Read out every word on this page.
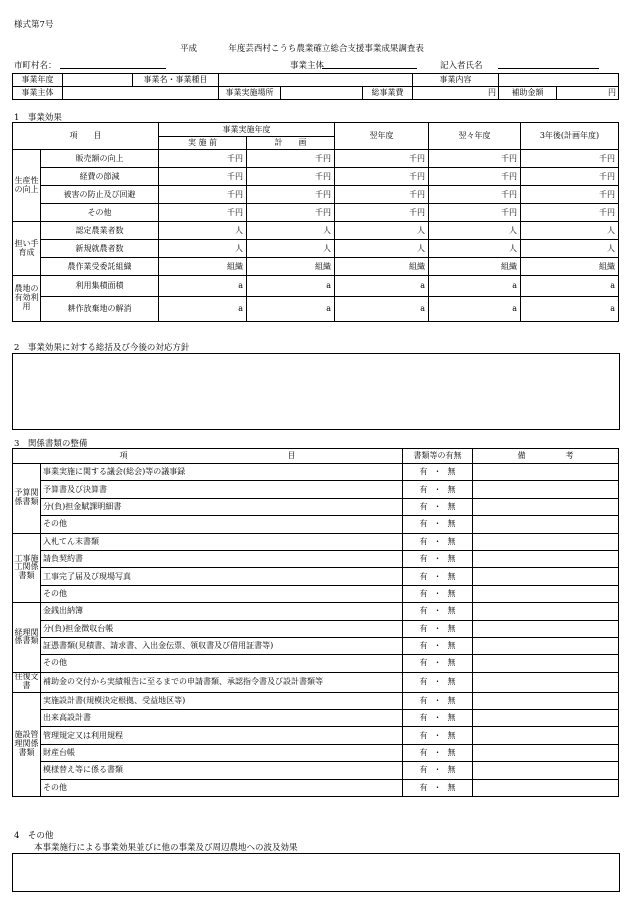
様式第7号
平成	年度芸西村こうち農業確立総合支援事業成果調査表
市町村名：	事業主体	記入者氏名
事業年度		事業名・事業種目				事業内容		
事業主体			事業実施場所		総事業費	円	補助金額	円
1　事業効果
項　　目		事業実施年度		翌年度	翌々年度	3年後(計画年度)
		実 施 前	計　　画			
生産性の向上	販売額の向上	千円	千円	千円	千円	千円
	経費の節減	千円	千円	千円	千円	千円
	被害の防止及び回避	千円	千円	千円	千円	千円
	その他	千円	千円	千円	千円	千円
担い手育成	認定農業者数	人	人	人	人	人
	新規就農者数	人	人	人	人	人
	農作業受委託組織	組織	組織	組織	組織	組織
農地の有効利用	利用集積面積	a	a	a	a	a
	耕作放棄地の解消	a	a	a	a	a
2　事業効果に対する総括及び今後の対応方針
3　関係書類の整備
項　　　　　　　　　　　　　　　　　　　　目		書類等の有無	備　　　　　考
予算関係書類	事業実施に関する議会(総会)等の議事録	有 ・ 無	
	予算書及び決算書	有 ・ 無	
	分(負)担金賦課明細書	有 ・ 無	
	その他	有 ・ 無	
工事施工関係書類	入札てん末書類	有 ・ 無	
	請負契約書	有 ・ 無	
	工事完了届及び現場写真	有 ・ 無	
	その他	有 ・ 無	
経理関係書類	金銭出納簿	有 ・ 無	
	分(負)担金徴収台帳	有 ・ 無	
	証憑書類(見積書、請求書、入出金伝票、領収書及び借用証書等)	有 ・ 無	
	その他	有 ・ 無	
往復文書	補助金の交付から実績報告に至るまでの申請書類、承認指令書及び設計書類等	有 ・ 無	
施設管理関係書類	実施設計書(規模決定根拠、受益地区等)	有 ・ 無	
	出来高設計書	有 ・ 無	
	管理規定又は利用規程	有 ・ 無	
	財産台帳	有 ・ 無	
	模様替え等に係る書類	有 ・ 無	
	その他	有 ・ 無	
4　その他
本事業施行による事業効果並びに他の事業及び周辺農地への波及効果
